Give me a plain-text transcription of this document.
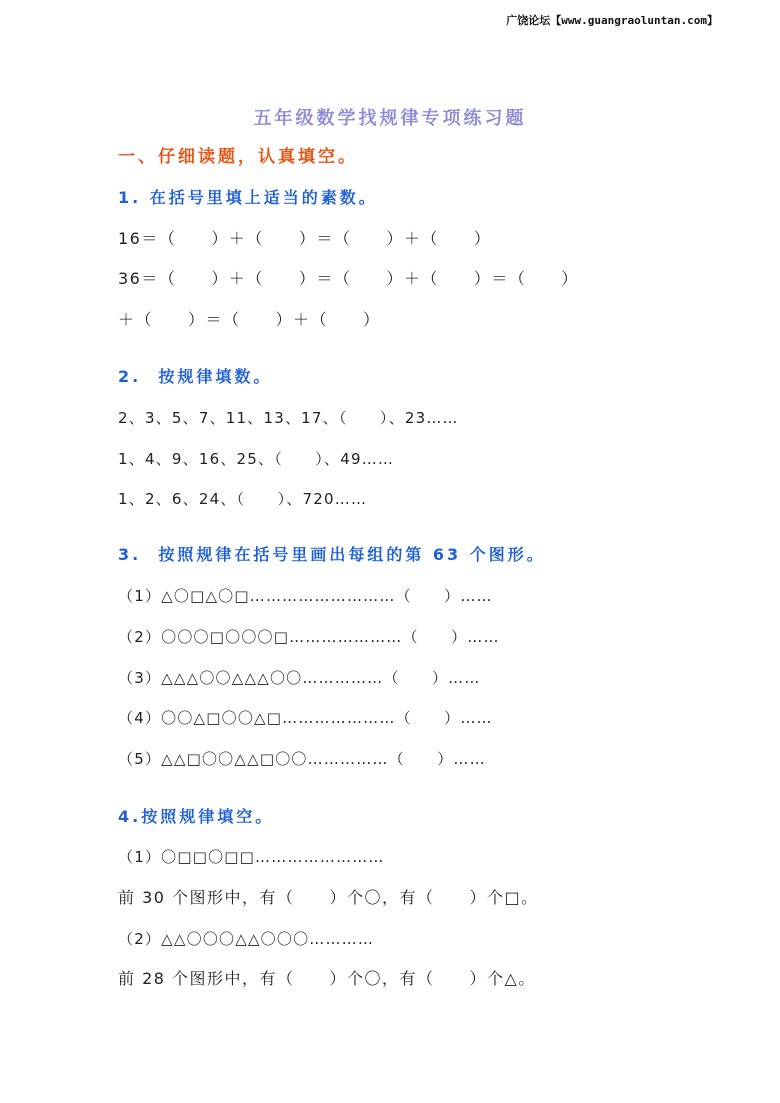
广饶论坛【www.guangraoluntan.com】
五年级数学找规律专项练习题
一、仔细读题，认真填空。
1. 在括号里填上适当的素数。
16＝（　　）＋（　　）＝（　　）＋（　　）
36＝（　　）＋（　　）＝（　　）＋（　　）＝（　　）
＋（　　）＝（　　）＋（　　）
2.  按规律填数。
2、3、5、7、11、13、17、（　　）、23……
1、4、9、16、25、（　　）、49……
1、2、6、24、（　　）、720……
3.  按照规律在括号里画出每组的第 63 个图形。
（1）△〇□△〇□………………………（　　）……
（2）〇〇〇□〇〇〇□…………………（　　）……
（3）△△△〇〇△△△〇〇……………（　　）……
（4）〇〇△□〇〇△□…………………（　　）……
（5）△△□〇〇△△□〇〇……………（　　）……
4.按照规律填空。
（1）〇□□〇□□……………………
前 30 个图形中，有（　　）个〇，有（　　）个□。
（2）△△〇〇〇△△〇〇〇…………
前 28 个图形中，有（　　）个〇，有（　　）个△。
